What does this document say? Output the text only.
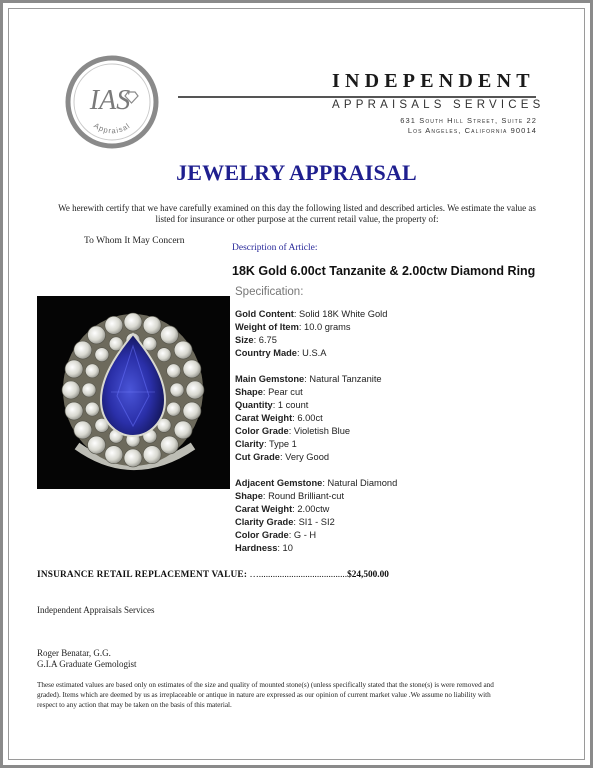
IAS
Appraisal
INDEPENDENT
APPRAISALS SERVICES
631 South Hill Street, Suite 22
Los Angeles, California 90014
JEWELRY APPRAISAL
We herewith certify that we have carefully examined on this day the following listed and described articles. We estimate the value as listed for insurance or other purpose at the current retail value, the property of:
To Whom It May Concern
Description of Article:
18K Gold 6.00ct Tanzanite & 2.00ctw Diamond Ring
Specification:
Gold Content: Solid 18K White Gold
Weight of Item: 10.0 grams
Size: 6.75
Country Made: U.S.A
Main Gemstone: Natural Tanzanite
Shape: Pear cut
Quantity: 1 count
Carat Weight: 6.00ct
Color Grade: Violetish Blue
Clarity: Type 1
Cut Grade: Very Good
Adjacent Gemstone: Natural Diamond
Shape: Round Brilliant-cut
Carat Weight: 2.00ctw
Clarity Grade: SI1 - SI2
Color Grade: G - H
Hardness: 10
INSURANCE RETAIL REPLACEMENT VALUE: …......................................$24,500.00
Independent Appraisals Services
Roger Benatar, G.G.
G.I.A Graduate Gemologist
These estimated values are based only on estimates of the size and quality of mounted stone(s) (unless specifically stated that the stone(s) is were removed and graded). Items which are deemed by us as irreplaceable or antique in nature are expressed as our opinion of current market value .We assume no liability with respect to any action that may be taken on the basis of this material.
